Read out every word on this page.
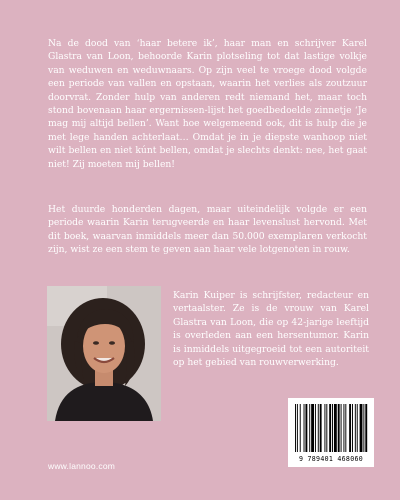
Na de dood van ‘haar betere ik’, haar man en schrijver Karel Glastra van Loon, behoorde Karin plotseling tot dat lastige volkje van weduwen en weduwnaars. Op zijn veel te vroege dood volgde een periode van vallen en opstaan, waarin het verlies als zoutzuur doorvrat. Zonder hulp van anderen redt niemand het, maar toch stond bovenaan haar ergernissen-lijst het goedbedoelde zinnetje ‘Je mag mij altijd bellen’. Want hoe welgemeend ook, dit is hulp die je met lege handen achterlaat… Omdat je in je diepste wanhoop niet wilt bellen en niet kúnt bellen, omdat je slechts denkt: nee, het gaat niet! Zij moeten mij bellen!

Het duurde honderden dagen, maar uiteindelijk volgde er een periode waarin Karin terugveerde en haar levenslust hervond. Met dit boek, waarvan inmiddels meer dan 50.000 exemplaren verkocht zijn, wist ze een stem te geven aan haar vele lotgenoten in rouw.

Karin Kuiper is schrijfster, redacteur en vertaalster. Ze is de vrouw van Karel Glastra van Loon, die op 42-jarige leeftijd is overleden aan een hersentumor. Karin is inmiddels uitgegroeid tot een autoriteit op het gebied van rouwverwerking.

www.lannoo.com
9 789401 468060
